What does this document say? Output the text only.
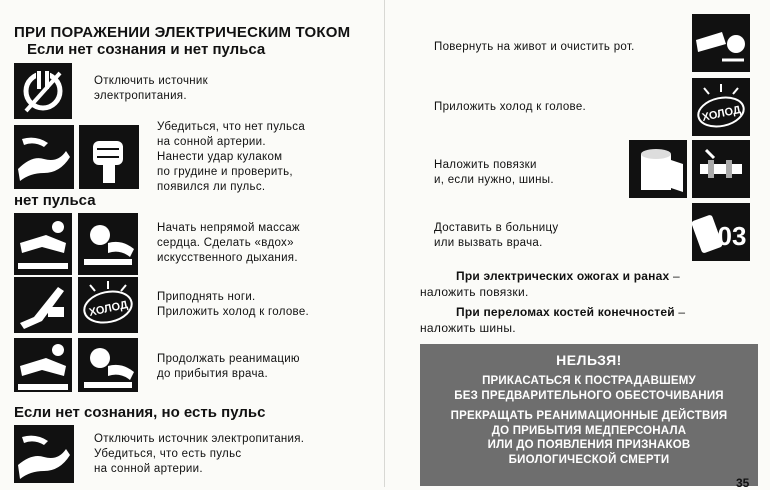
ПРИ ПОРАЖЕНИИ ЭЛЕКТРИЧЕСКИМ ТОКОМ
Если нет сознания и нет пульса
Отключить источник
электропитания.
Убедиться, что нет пульса
на сонной артерии.
Нанести удар кулаком
по грудине и проверить,
появился ли пульс.
нет пульса
Начать непрямой массаж
сердца. Сделать «вдох»
искусственного дыхания.
ХОЛОД
Приподнять ноги.
Приложить холод к голове.
Продолжать реанимацию
до прибытия врача.
Если нет сознания, но есть пульс
Отключить источник электропитания.
Убедиться, что есть пульс
на сонной артерии.
Повернуть на живот и очистить рот.
Приложить холод к голове.	ХОЛОД
Наложить повязки
и, если нужно, шины.
Доставить в больницу
или вызвать врача.	03
При электрических ожогах и ранах –
наложить повязки.
При переломах костей конечностей –
наложить шины.
НЕЛЬЗЯ!
ПРИКАСАТЬСЯ К ПОСТРАДАВШЕМУ
БЕЗ ПРЕДВАРИТЕЛЬНОГО ОБЕСТОЧИВАНИЯ
ПРЕКРАЩАТЬ РЕАНИМАЦИОННЫЕ ДЕЙСТВИЯ
ДО ПРИБЫТИЯ МЕДПЕРСОНАЛА
ИЛИ ДО ПОЯВЛЕНИЯ ПРИЗНАКОВ
БИОЛОГИЧЕСКОЙ СМЕРТИ
35
